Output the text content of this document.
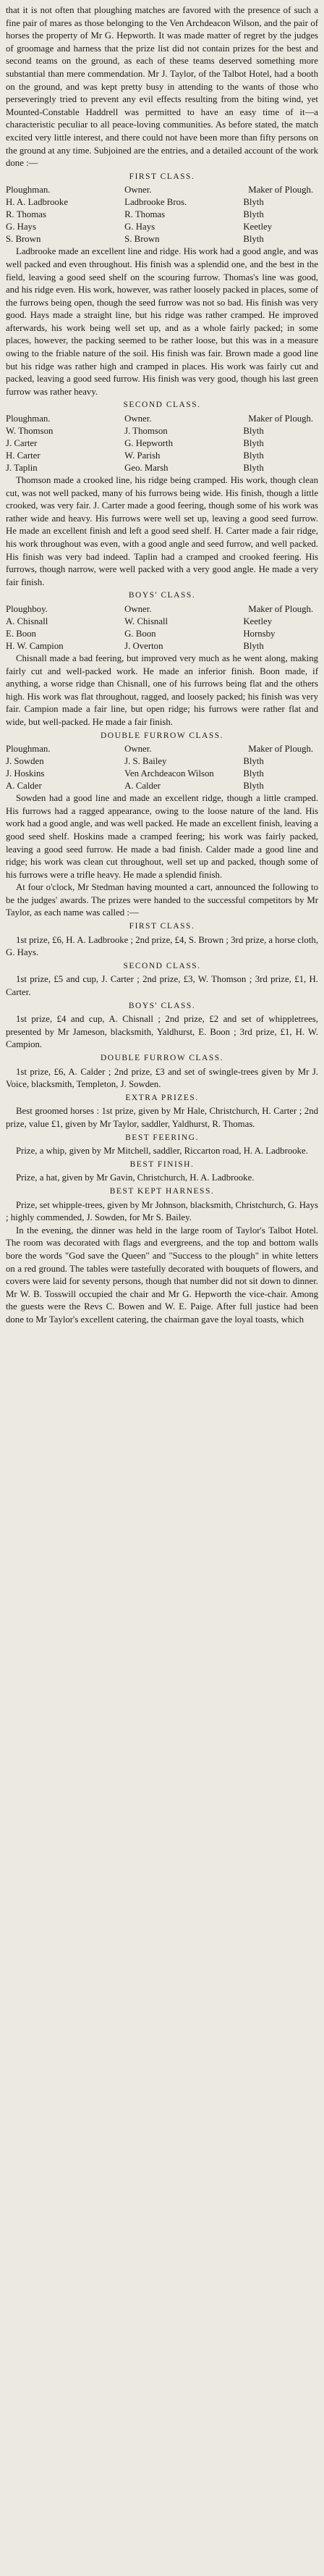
that it is not often that ploughing matches are favored with the presence of such a fine pair of mares as those belonging to the Ven Archdeacon Wilson, and the pair of horses the property of Mr G. Hepworth. It was made matter of regret by the judges of groomage and harness that the prize list did not contain prizes for the best and second teams on the ground, as each of these teams deserved something more substantial than mere commendation. Mr J. Taylor, of the Talbot Hotel, had a booth on the ground, and was kept pretty busy in attending to the wants of those who perseveringly tried to prevent any evil effects resulting from the biting wind, yet Mounted-Constable Haddrell was permitted to have an easy time of it—a characteristic peculiar to all peace-loving communities. As before stated, the match excited very little interest, and there could not have been more than fifty persons on the ground at any time. Subjoined are the entries, and a detailed account of the work done :—

FIRST CLASS.
Ploughman.	Owner.	Maker of Plough.
H. A. Ladbrooke	Ladbrooke Bros.	Blyth
R. Thomas	R. Thomas	Blyth
G. Hays	G. Hays	Keetley
S. Brown	S. Brown	Blyth

Ladbrooke made an excellent line and ridge. His work had a good angle, and was well packed and even throughout. His finish was a splendid one, and the best in the field, leaving a good seed shelf on the scouring furrow. Thomas's line was good, and his ridge even. His work, however, was rather loosely packed in places, some of the furrows being open, though the seed furrow was not so bad. His finish was very good. Hays made a straight line, but his ridge was rather cramped. He improved afterwards, his work being well set up, and as a whole fairly packed; in some places, however, the packing seemed to be rather loose, but this was in a measure owing to the friable nature of the soil. His finish was fair. Brown made a good line but his ridge was rather high and cramped in places. His work was fairly cut and packed, leaving a good seed furrow. His finish was very good, though his last green furrow was rather heavy.

SECOND CLASS.
Ploughman.	Owner.	Maker of Plough.
W. Thomson	J. Thomson	Blyth
J. Carter	G. Hepworth	Blyth
H. Carter	W. Parish	Blyth
J. Taplin	Geo. Marsh	Blyth

Thomson made a crooked line, his ridge being cramped. His work, though clean cut, was not well packed, many of his furrows being wide. His finish, though a little crooked, was very fair. J. Carter made a good feering, though some of his work was rather wide and heavy. His furrows were well set up, leaving a good seed furrow. He made an excellent finish and left a good seed shelf. H. Carter made a fair ridge, his work throughout was even, with a good angle and seed furrow, and well packed. His finish was very bad indeed. Taplin had a cramped and crooked feering. His furrows, though narrow, were well packed with a very good angle. He made a very fair finish.

BOYS' CLASS.
Ploughboy.	Owner.	Maker of Plough.
A. Chisnall	W. Chisnall	Keetley
E. Boon	G. Boon	Hornsby
H. W. Campion	J. Overton	Blyth

Chisnall made a bad feering, but improved very much as he went along, making fairly cut and well-packed work. He made an inferior finish. Boon made, if anything, a worse ridge than Chisnall, one of his furrows being flat and the others high. His work was flat throughout, ragged, and loosely packed; his finish was very fair. Campion made a fair line, but open ridge; his furrows were rather flat and wide, but well-packed. He made a fair finish.

DOUBLE FURROW CLASS.
Ploughman.	Owner.	Maker of Plough.
J. Sowden	J. S. Bailey	Blyth
J. Hoskins	Ven Archdeacon Wilson	Blyth
A. Calder	A. Calder	Blyth

Sowden had a good line and made an excellent ridge, though a little cramped. His furrows had a ragged appearance, owing to the loose nature of the land. His work had a good angle, and was well packed. He made an excellent finish, leaving a good seed shelf. Hoskins made a cramped feering; his work was fairly packed, leaving a good seed furrow. He made a bad finish. Calder made a good line and ridge; his work was clean cut throughout, well set up and packed, though some of his furrows were a trifle heavy. He made a splendid finish.

At four o'clock, Mr Stedman having mounted a cart, announced the following to be the judges' awards. The prizes were handed to the successful competitors by Mr Taylor, as each name was called :—

FIRST CLASS.

1st prize, £6, H. A. Ladbrooke ; 2nd prize, £4, S. Brown ; 3rd prize, a horse cloth, G. Hays.

SECOND CLASS.

1st prize, £5 and cup, J. Carter ; 2nd prize, £3, W. Thomson ; 3rd prize, £1, H. Carter.

BOYS' CLASS.

1st prize, £4 and cup, A. Chisnall ; 2nd prize, £2 and set of whippletrees, presented by Mr Jameson, blacksmith, Yaldhurst, E. Boon ; 3rd prize, £1, H. W. Campion.

DOUBLE FURROW CLASS.

1st prize, £6, A. Calder ; 2nd prize, £3 and set of swingle-trees given by Mr J. Voice, blacksmith, Templeton, J. Sowden.

EXTRA PRIZES.

Best groomed horses : 1st prize, given by Mr Hale, Christchurch, H. Carter ; 2nd prize, value £1, given by Mr Taylor, saddler, Yaldhurst, R. Thomas.

BEST FEERING.

Prize, a whip, given by Mr Mitchell, saddler, Riccarton road, H. A. Ladbrooke.

BEST FINISH.

Prize, a hat, given by Mr Gavin, Christchurch, H. A. Ladbrooke.

BEST KEPT HARNESS.

Prize, set whipple-trees, given by Mr Johnson, blacksmith, Christchurch, G. Hays ; highly commended, J. Sowden, for Mr S. Bailey.

In the evening, the dinner was held in the large room of Taylor's Talbot Hotel. The room was decorated with flags and evergreens, and the top and bottom walls bore the words "God save the Queen" and "Success to the plough" in white letters on a red ground. The tables were tastefully decorated with bouquets of flowers, and covers were laid for seventy persons, though that number did not sit down to dinner. Mr W. B. Tosswill occupied the chair and Mr G. Hepworth the vice-chair. Among the guests were the Revs C. Bowen and W. E. Paige. After full justice had been done to Mr Taylor's excellent catering, the chairman gave the loyal toasts, which
